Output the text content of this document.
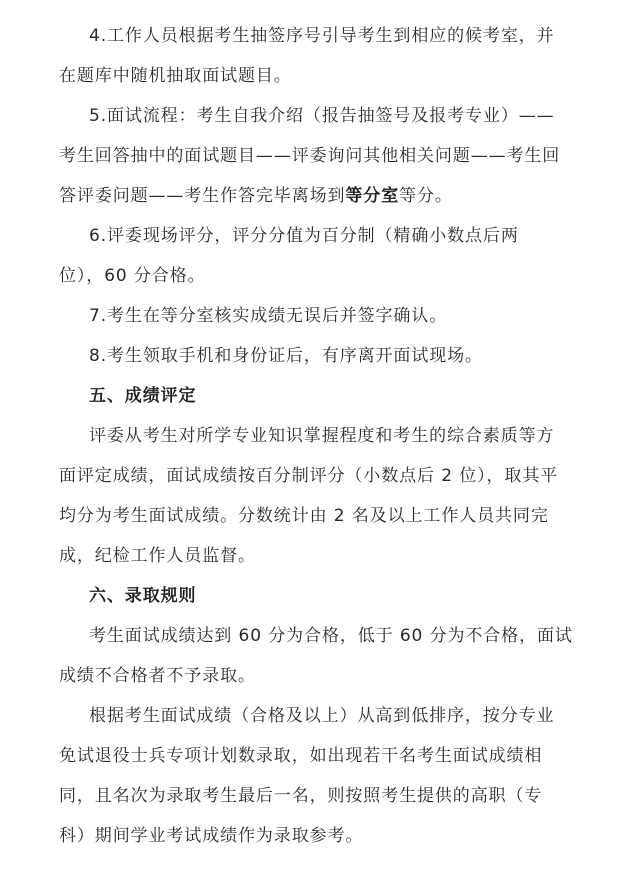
4.工作人员根据考生抽签序号引导考生到相应的候考室，并
在题库中随机抽取面试题目。
5.面试流程：考生自我介绍（报告抽签号及报考专业）——
考生回答抽中的面试题目——评委询问其他相关问题——考生回
答评委问题——考生作答完毕离场到等分室等分。
6.评委现场评分，评分分值为百分制（精确小数点后两
位），60 分合格。
7.考生在等分室核实成绩无误后并签字确认。
8.考生领取手机和身份证后，有序离开面试现场。
五、成绩评定
评委从考生对所学专业知识掌握程度和考生的综合素质等方
面评定成绩，面试成绩按百分制评分（小数点后 2 位），取其平
均分为考生面试成绩。分数统计由 2 名及以上工作人员共同完
成，纪检工作人员监督。
六、录取规则
考生面试成绩达到 60 分为合格，低于 60 分为不合格，面试
成绩不合格者不予录取。
根据考生面试成绩（合格及以上）从高到低排序，按分专业
免试退役士兵专项计划数录取，如出现若干名考生面试成绩相
同，且名次为录取考生最后一名，则按照考生提供的高职（专
科）期间学业考试成绩作为录取参考。
